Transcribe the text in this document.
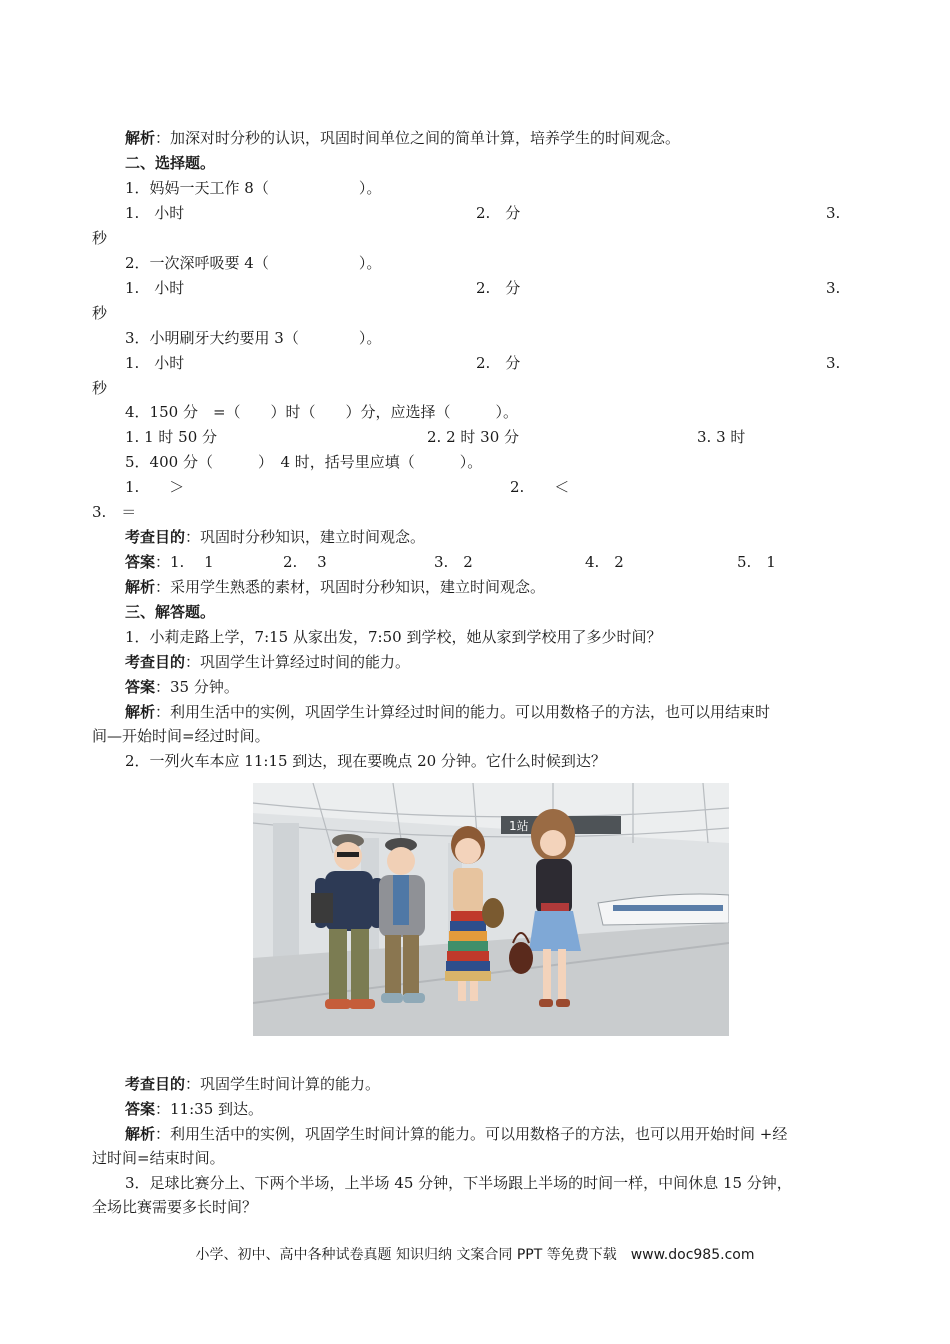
解析：加深对时分秒的认识，巩固时间单位之间的简单计算，培养学生的时间观念。
二、选择题。
1．妈妈一天工作 8（　　　　　　）。
1.　小时	2.　分	3.
秒
2．一次深呼吸要 4（　　　　　　）。
1.　小时	2.　分	3.
秒
3．小明刷牙大约要用 3（　　　　）。
1.　小时	2.　分	3.
秒
4．150 分　=（　　）时（　　）分，应选择（　　　）。
1. 1 时 50 分	2. 2 时 30 分	3. 3 时
5．400 分（　　　）　4 时，括号里应填（　　　）。
1.　　＞	2.　　＜
3.　＝
考查目的：巩固时分秒知识，建立时间观念。
答案：1.　 1	2.　 3	3.　2	4.　2	5.　1
解析：采用学生熟悉的素材，巩固时分秒知识，建立时间观念。
三、解答题。
1．小莉走路上学，7:15 从家出发，7:50 到学校，她从家到学校用了多少时间？
考查目的：巩固学生计算经过时间的能力。
答案：35 分钟。
解析：利用生活中的实例，巩固学生计算经过时间的能力。可以用数格子的方法，也可以用结束时
间—开始时间=经过时间。
2．一列火车本应 11:15 到达，现在要晚点 20 分钟。它什么时候到达？
1站
考查目的：巩固学生时间计算的能力。
答案：11:35 到达。
解析：利用生活中的实例，巩固学生时间计算的能力。可以用数格子的方法，也可以用开始时间 +经
过时间=结束时间。
3．足球比赛分上、下两个半场，上半场 45 分钟，下半场跟上半场的时间一样，中间休息 15 分钟，
全场比赛需要多长时间？
小学、初中、高中各种试卷真题 知识归纳 文案合同 PPT 等免费下载　www.doc985.com
